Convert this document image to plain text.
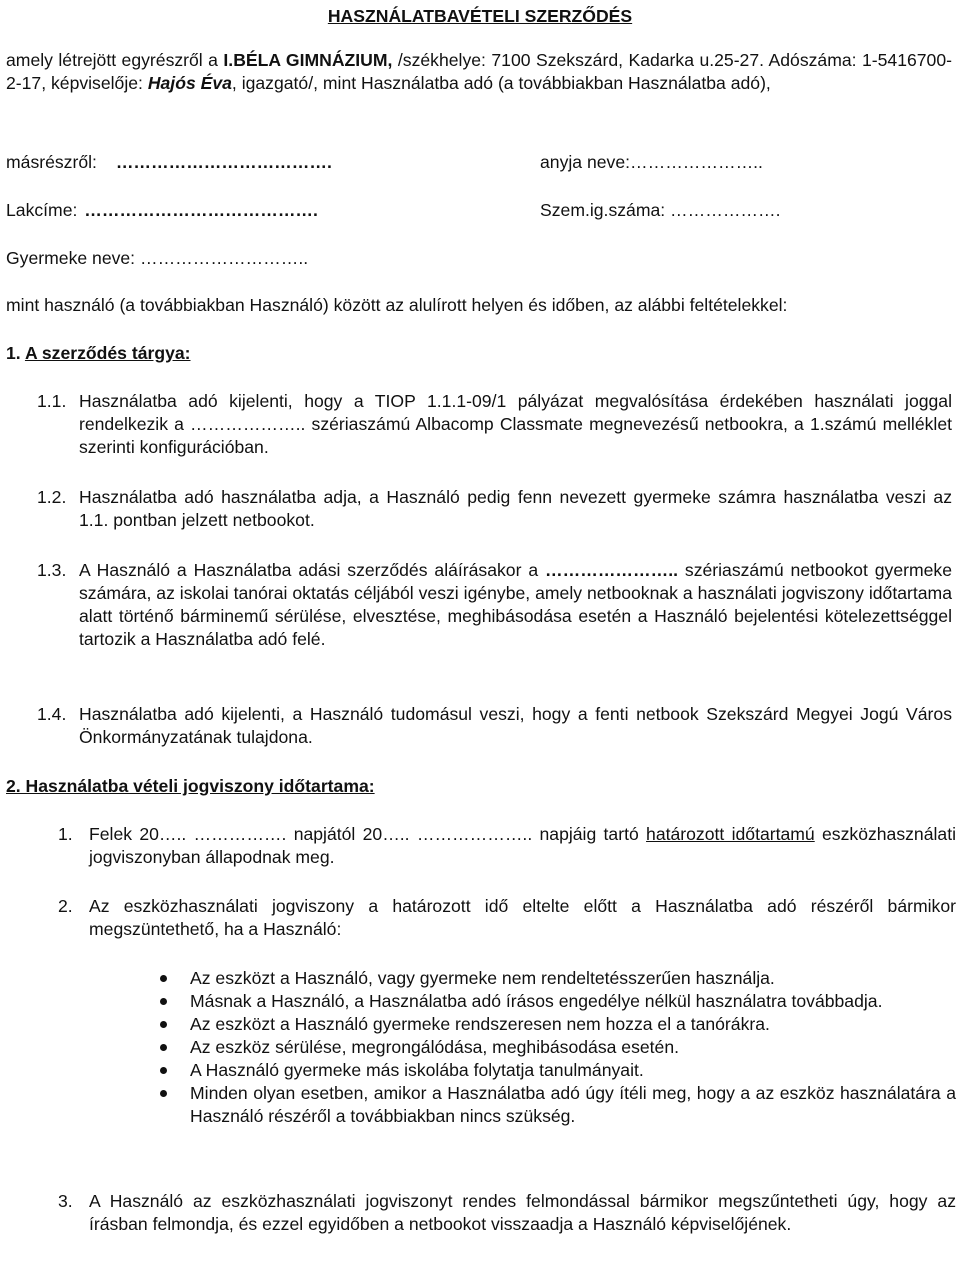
HASZNÁLATBAVÉTELI SZERZŐDÉS
amely létrejött egyrészről a I.BÉLA GIMNÁZIUM, /székhelye: 7100 Szekszárd, Kadarka u.25-27. Adószáma: 1-5416700-2-17, képviselője: Hajós Éva, igazgató/, mint Használatba adó (a továbbiakban Használatba adó),
másrészről: ……………………………….	anyja neve:…………………..
Lakcíme: ………………………………….	Szem.ig.száma: ……………….
Gyermeke neve: ………………………..
mint használó (a továbbiakban Használó) között az alulírott helyen és időben, az alábbi feltételekkel:
1. A szerződés tárgya:
1.1. Használatba adó kijelenti, hogy a TIOP 1.1.1-09/1 pályázat megvalósítása érdekében használati joggal rendelkezik a ……………….. szériaszámú Albacomp Classmate megnevezésű netbookra, a 1.számú melléklet szerinti konfigurációban.
1.2. Használatba adó használatba adja, a Használó pedig fenn nevezett gyermeke számra használatba veszi az 1.1. pontban jelzett netbookot.
1.3. A Használó a Használatba adási szerződés aláírásakor a ………………….. szériaszámú netbookot gyermeke számára, az iskolai tanórai oktatás céljából veszi igénybe, amely netbooknak a használati jogviszony időtartama alatt történő bárminemű sérülése, elvesztése, meghibásodása esetén a Használó bejelentési kötelezettséggel tartozik a Használatba adó felé.
1.4. Használatba adó kijelenti, a Használó tudomásul veszi, hogy a fenti netbook Szekszárd Megyei Jogú Város Önkormányzatának tulajdona.
2. Használatba vételi jogviszony időtartama:
1. Felek 20….. ……………. napjától 20….. ……………….. napjáig tartó határozott időtartamú eszközhasználati jogviszonyban állapodnak meg.
2. Az eszközhasználati jogviszony a határozott idő eltelte előtt a Használatba adó részéről bármikor megszüntethető, ha a Használó:
Az eszközt a Használó, vagy gyermeke nem rendeltetésszerűen használja.
Másnak a Használó, a Használatba adó írásos engedélye nélkül használatra továbbadja.
Az eszközt a Használó gyermeke rendszeresen nem hozza el a tanórákra.
Az eszköz sérülése, megrongálódása, meghibásodása esetén.
A Használó gyermeke más iskolába folytatja tanulmányait.
Minden olyan esetben, amikor a Használatba adó úgy ítéli meg, hogy a az eszköz használatára a Használó részéről a továbbiakban nincs szükség.
3. A Használó az eszközhasználati jogviszonyt rendes felmondással bármikor megszűntetheti úgy, hogy az írásban felmondja, és ezzel egyidőben a netbookot visszaadja a Használó képviselőjének.
